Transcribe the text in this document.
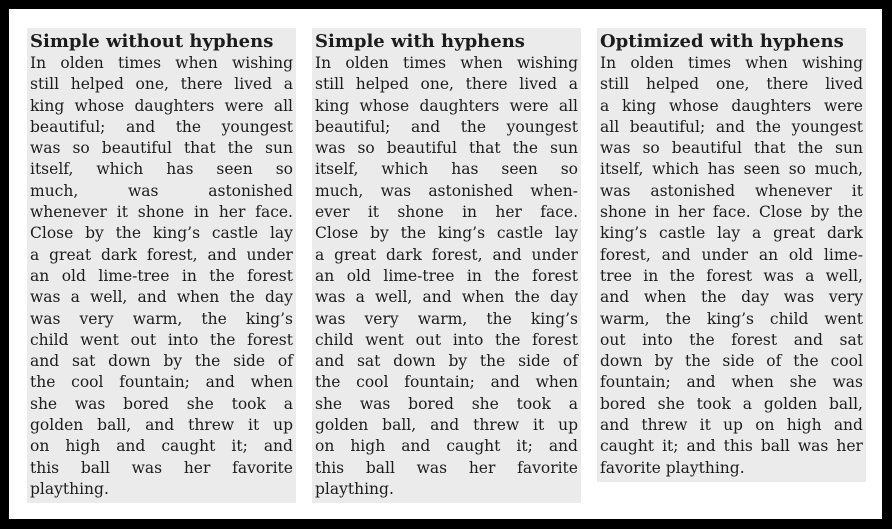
Simple without hyphens
In olden times when wishing
still helped one, there lived a
king whose daughters were all
beautiful; and the youngest
was so beautiful that the sun
itself, which has seen so
much,	was	astonished
whenever it shone in her face.
Close by the king’s castle lay
a great dark forest, and under
an old lime-tree in the forest
was a well, and when the day
was very warm, the king’s
child went out into the forest
and sat down by the side of
the cool fountain; and when
she was bored she took a
golden ball, and threw it up
on high and caught it; and
this ball was her favorite
plaything.
Simple with hyphens
In olden times when wishing
still helped one, there lived a
king whose daughters were all
beautiful; and the youngest
was so beautiful that the sun
itself, which has seen so
much, was astonished when-
ever it shone in her face.
Close by the king’s castle lay
a great dark forest, and under
an old lime-tree in the forest
was a well, and when the day
was very warm, the king’s
child went out into the forest
and sat down by the side of
the cool fountain; and when
she was bored she took a
golden ball, and threw it up
on high and caught it; and
this ball was her favorite
plaything.
Optimized with hyphens
In olden times when wishing
still helped one, there lived
a king whose daughters were
all beautiful; and the youngest
was so beautiful that the sun
itself, which has seen so much,
was astonished whenever it
shone in her face. Close by the
king’s castle lay a great dark
forest, and under an old lime-
tree in the forest was a well,
and when the day was very
warm, the king’s child went
out into the forest and sat
down by the side of the cool
fountain; and when she was
bored she took a golden ball,
and threw it up on high and
caught it; and this ball was her
favorite plaything.
